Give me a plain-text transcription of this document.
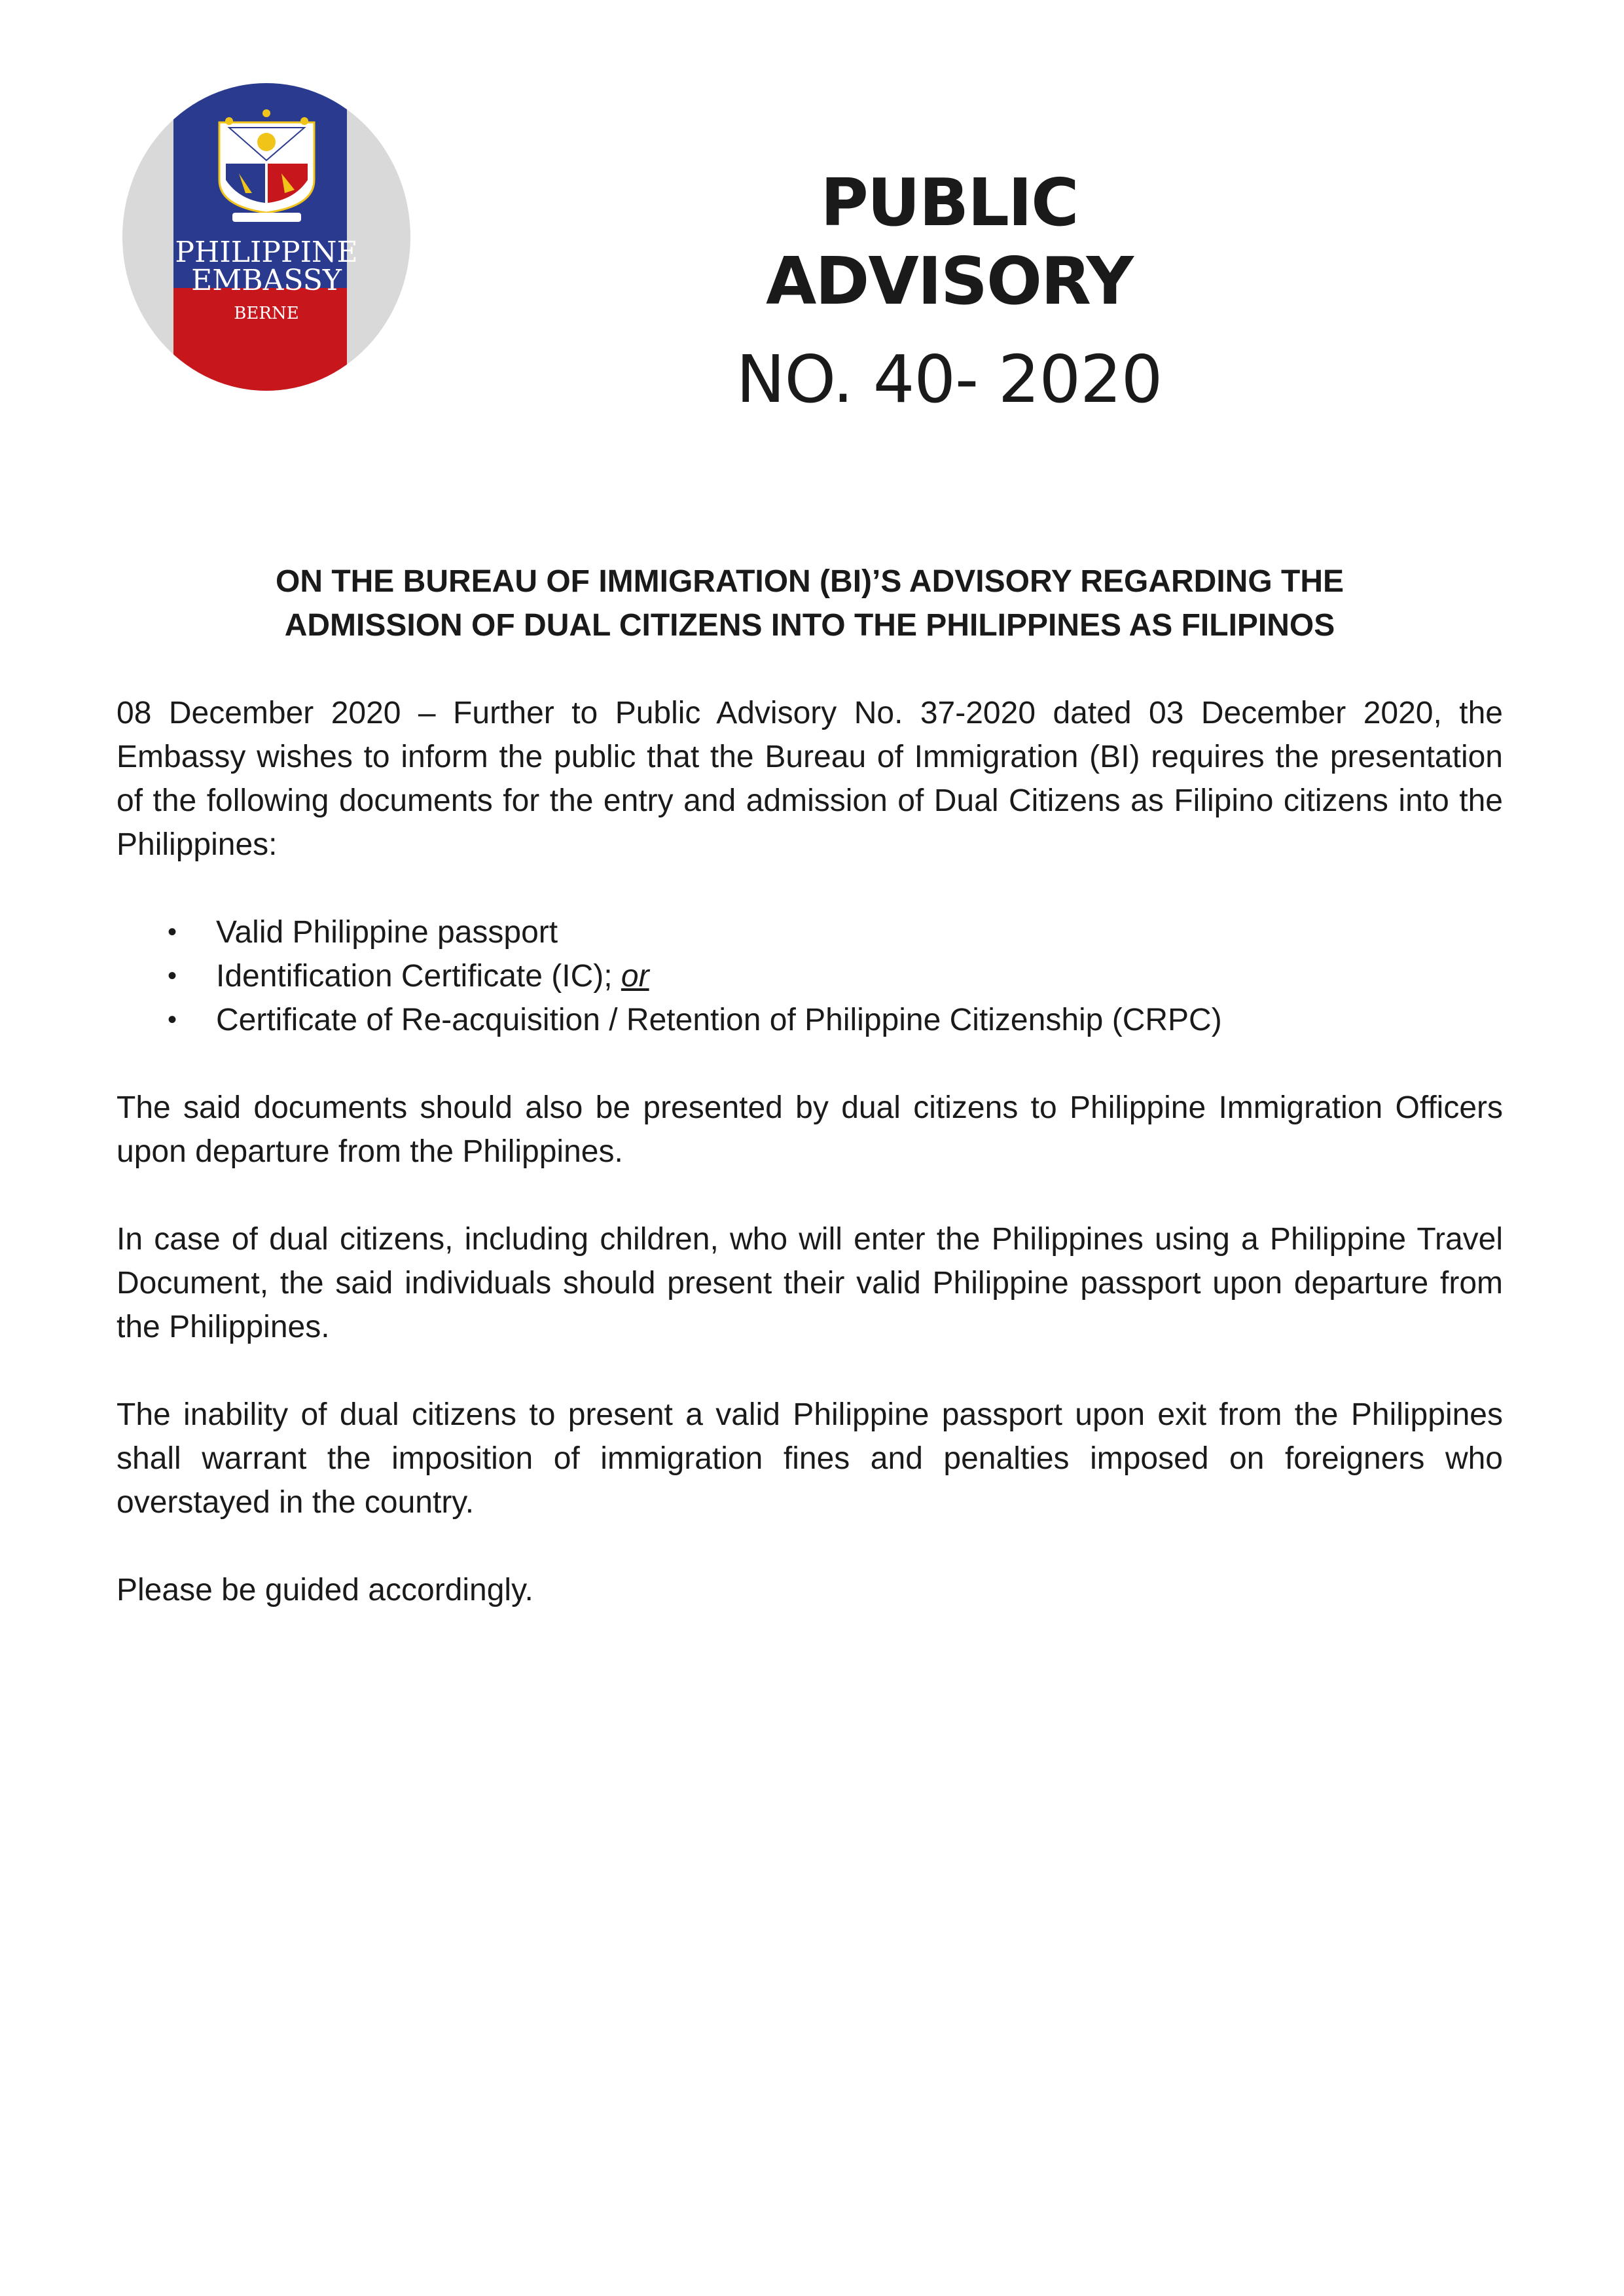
PHILIPPINE
EMBASSY
BERNE
PUBLIC ADVISORY
NO. 40- 2020
ON THE BUREAU OF IMMIGRATION (BI)’S ADVISORY REGARDING THE
ADMISSION OF DUAL CITIZENS INTO THE PHILIPPINES AS FILIPINOS
08 December 2020 – Further to Public Advisory No. 37-2020 dated 03 December 2020, the Embassy wishes to inform the public that the Bureau of Immigration (BI) requires the presentation of the following documents for the entry and admission of Dual Citizens as Filipino citizens into the Philippines:
• Valid Philippine passport
• Identification Certificate (IC); or
• Certificate of Re-acquisition / Retention of Philippine Citizenship (CRPC)
The said documents should also be presented by dual citizens to Philippine Immigration Officers upon departure from the Philippines.
In case of dual citizens, including children, who will enter the Philippines using a Philippine Travel Document, the said individuals should present their valid Philippine passport upon departure from the Philippines.
The inability of dual citizens to present a valid Philippine passport upon exit from the Philippines shall warrant the imposition of immigration fines and penalties imposed on foreigners who overstayed in the country.
Please be guided accordingly.
